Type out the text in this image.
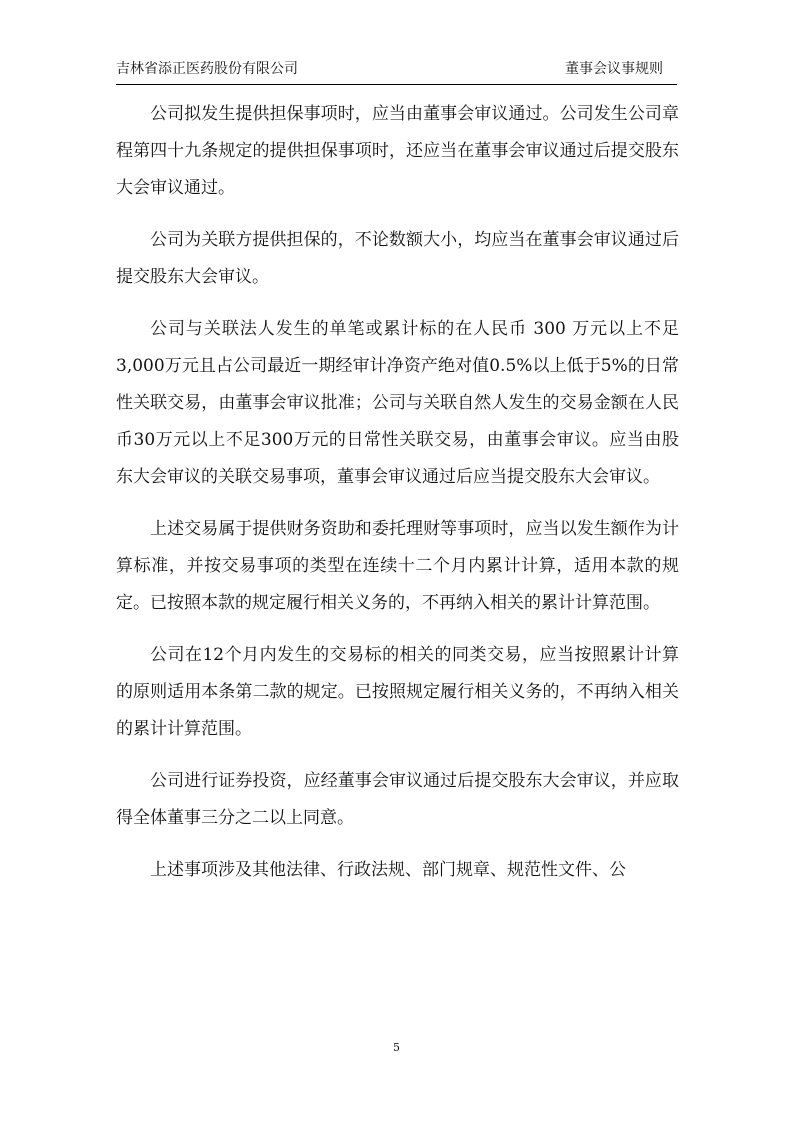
吉林省添正医药股份有限公司	董事会议事规则

公司拟发生提供担保事项时，应当由董事会审议通过。公司发生公司章程第四十九条规定的提供担保事项时，还应当在董事会审议通过后提交股东大会审议通过。

公司为关联方提供担保的，不论数额大小，均应当在董事会审议通过后提交股东大会审议。

公司与关联法人发生的单笔或累计标的在人民币 300 万元以上不足3,000万元且占公司最近一期经审计净资产绝对值0.5%以上低于5%的日常性关联交易，由董事会审议批准；公司与关联自然人发生的交易金额在人民币30万元以上不足300万元的日常性关联交易，由董事会审议。应当由股东大会审议的关联交易事项，董事会审议通过后应当提交股东大会审议。

上述交易属于提供财务资助和委托理财等事项时，应当以发生额作为计算标准，并按交易事项的类型在连续十二个月内累计计算，适用本款的规定。已按照本款的规定履行相关义务的，不再纳入相关的累计计算范围。

公司在12个月内发生的交易标的相关的同类交易，应当按照累计计算的原则适用本条第二款的规定。已按照规定履行相关义务的，不再纳入相关的累计计算范围。

公司进行证券投资，应经董事会审议通过后提交股东大会审议，并应取得全体董事三分之二以上同意。

上述事项涉及其他法律、行政法规、部门规章、规范性文件、公

5
